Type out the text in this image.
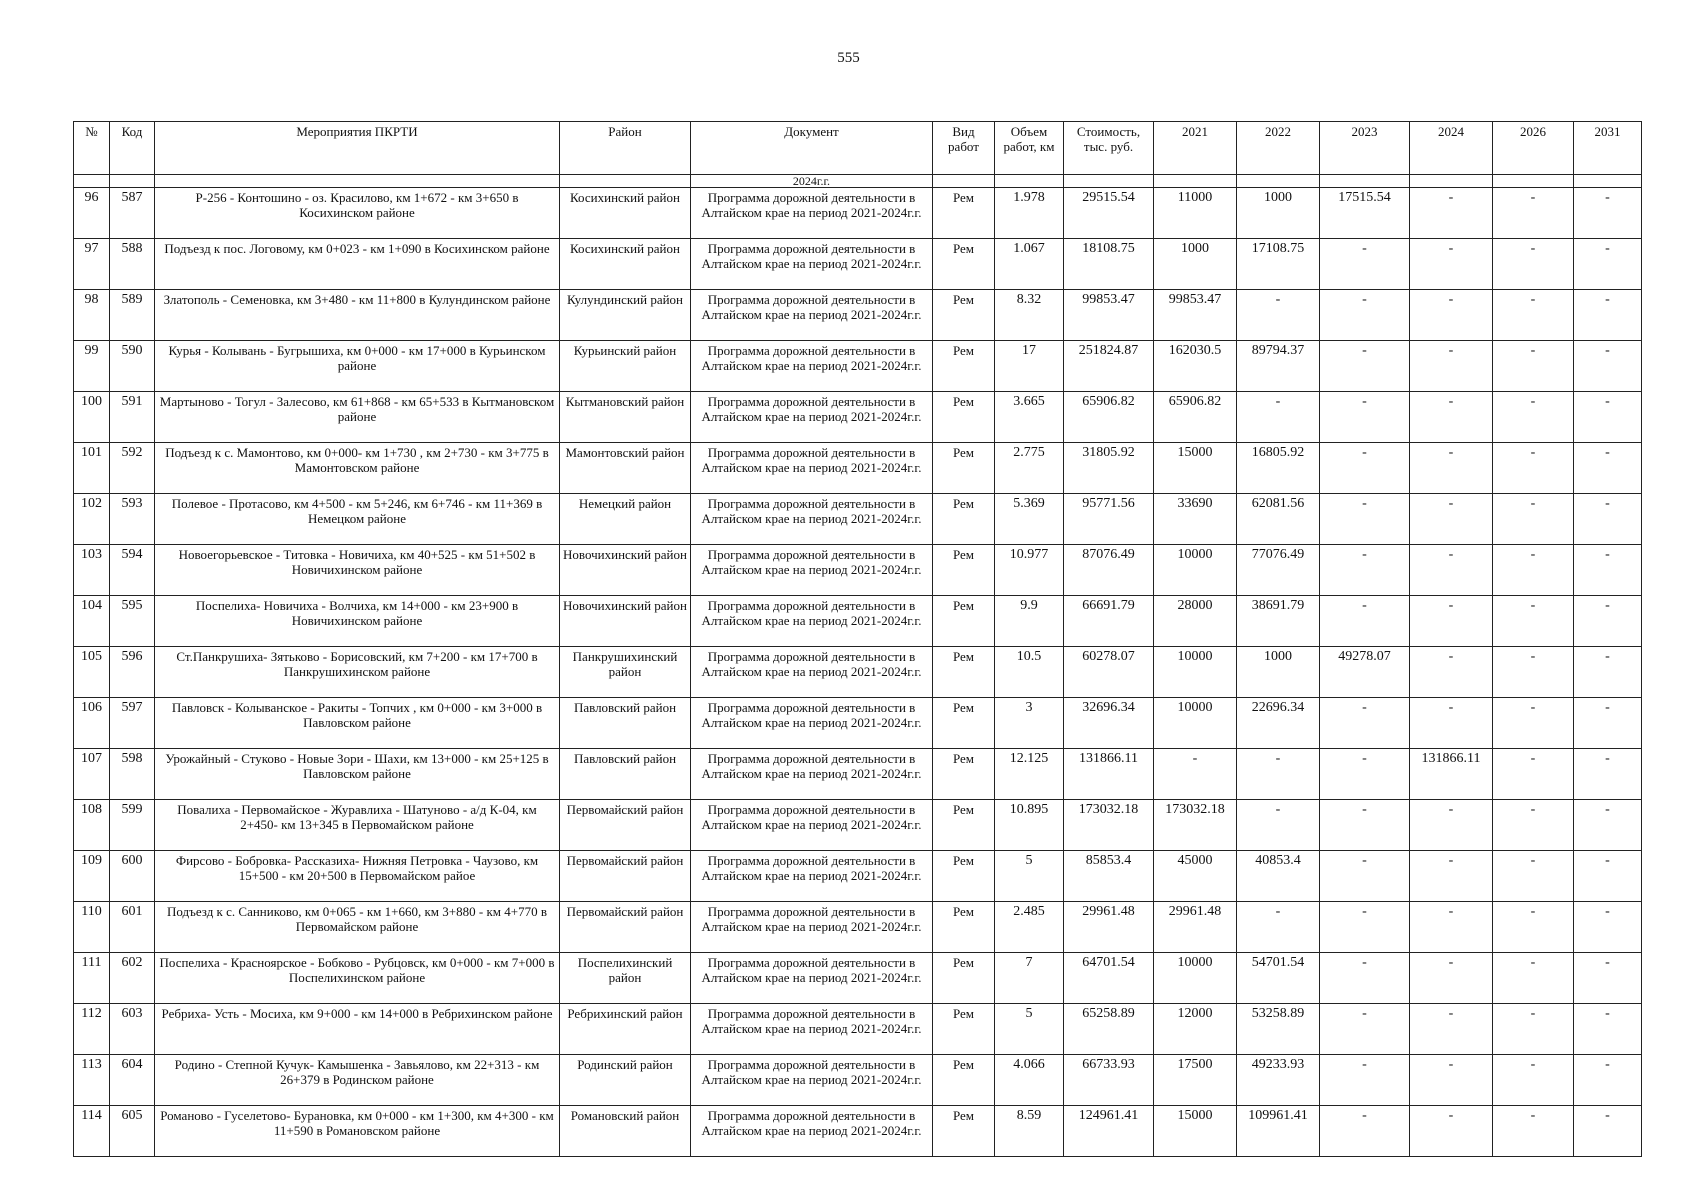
555
№	Код	Мероприятия ПКРТИ	Район	Документ	Вид работ	Объем работ, км	Стоимость, тыс. руб.	2021	2022	2023	2024	2026	2031
				2024г.г.									
96	587	Р-256 - Контошино - оз. Красилово, км 1+672 - км 3+650 в Косихинском районе	Косихинский район	Программа дорожной деятельности в Алтайском крае на период 2021-2024г.г.	Рем	1.978	29515.54	11000	1000	17515.54	-	-	-
97	588	Подъезд к пос. Логовому, км 0+023 - км 1+090 в Косихинском районе	Косихинский район	Программа дорожной деятельности в Алтайском крае на период 2021-2024г.г.	Рем	1.067	18108.75	1000	17108.75	-	-	-	-
98	589	Златополь - Семеновка, км 3+480 - км 11+800 в Кулундинском районе	Кулундинский район	Программа дорожной деятельности в Алтайском крае на период 2021-2024г.г.	Рем	8.32	99853.47	99853.47	-	-	-	-	-
99	590	Курья - Колывань - Бугрышиха, км 0+000 - км 17+000 в Курьинском районе	Курьинский район	Программа дорожной деятельности в Алтайском крае на период 2021-2024г.г.	Рем	17	251824.87	162030.5	89794.37	-	-	-	-
100	591	Мартыново - Тогул - Залесово, км 61+868 - км 65+533 в Кытмановском районе	Кытмановский район	Программа дорожной деятельности в Алтайском крае на период 2021-2024г.г.	Рем	3.665	65906.82	65906.82	-	-	-	-	-
101	592	Подъезд к с. Мамонтово, км 0+000- км 1+730 , км 2+730 - км 3+775 в Мамонтовском районе	Мамонтовский район	Программа дорожной деятельности в Алтайском крае на период 2021-2024г.г.	Рем	2.775	31805.92	15000	16805.92	-	-	-	-
102	593	Полевое - Протасово, км 4+500 - км 5+246, км 6+746 - км 11+369 в Немецком районе	Немецкий район	Программа дорожной деятельности в Алтайском крае на период 2021-2024г.г.	Рем	5.369	95771.56	33690	62081.56	-	-	-	-
103	594	Новоегорьевское - Титовка - Новичиха, км 40+525 - км 51+502 в Новичихинском районе	Новочихинский район	Программа дорожной деятельности в Алтайском крае на период 2021-2024г.г.	Рем	10.977	87076.49	10000	77076.49	-	-	-	-
104	595	Поспелиха- Новичиха - Волчиха, км 14+000 - км 23+900 в Новичихинском районе	Новочихинский район	Программа дорожной деятельности в Алтайском крае на период 2021-2024г.г.	Рем	9.9	66691.79	28000	38691.79	-	-	-	-
105	596	Ст.Панкрушиха- Зятьково - Борисовский, км 7+200 - км 17+700 в Панкрушихинском районе	Панкрушихинский район	Программа дорожной деятельности в Алтайском крае на период 2021-2024г.г.	Рем	10.5	60278.07	10000	1000	49278.07	-	-	-
106	597	Павловск - Колыванское - Ракиты - Топчих , км 0+000 - км 3+000 в Павловском районе	Павловский район	Программа дорожной деятельности в Алтайском крае на период 2021-2024г.г.	Рем	3	32696.34	10000	22696.34	-	-	-	-
107	598	Урожайный - Стуково - Новые Зори - Шахи, км 13+000 - км 25+125 в Павловском районе	Павловский район	Программа дорожной деятельности в Алтайском крае на период 2021-2024г.г.	Рем	12.125	131866.11	-	-	-	131866.11	-	-
108	599	Повалиха - Первомайское - Журавлиха - Шатуново - а/д К-04, км 2+450- км 13+345 в Первомайском районе	Первомайский район	Программа дорожной деятельности в Алтайском крае на период 2021-2024г.г.	Рем	10.895	173032.18	173032.18	-	-	-	-	-
109	600	Фирсово - Бобровка- Рассказиха- Нижняя Петровка - Чаузово, км 15+500 - км 20+500 в Первомайском райое	Первомайский район	Программа дорожной деятельности в Алтайском крае на период 2021-2024г.г.	Рем	5	85853.4	45000	40853.4	-	-	-	-
110	601	Подъезд к с. Санниково, км 0+065 - км 1+660, км 3+880 - км 4+770 в Первомайском районе	Первомайский район	Программа дорожной деятельности в Алтайском крае на период 2021-2024г.г.	Рем	2.485	29961.48	29961.48	-	-	-	-	-
111	602	Поспелиха - Красноярское - Бобково - Рубцовск, км 0+000 - км 7+000 в Поспелихинском районе	Поспелихинский район	Программа дорожной деятельности в Алтайском крае на период 2021-2024г.г.	Рем	7	64701.54	10000	54701.54	-	-	-	-
112	603	Ребриха- Усть - Мосиха, км 9+000 - км 14+000 в Ребрихинском районе	Ребрихинский район	Программа дорожной деятельности в Алтайском крае на период 2021-2024г.г.	Рем	5	65258.89	12000	53258.89	-	-	-	-
113	604	Родино - Степной Кучук- Камышенка - Завьялово, км 22+313 - км 26+379 в Родинском районе	Родинский район	Программа дорожной деятельности в Алтайском крае на период 2021-2024г.г.	Рем	4.066	66733.93	17500	49233.93	-	-	-	-
114	605	Романово - Гуселетово- Бурановка, км 0+000 - км 1+300, км 4+300 - км 11+590 в Романовском районе	Романовский район	Программа дорожной деятельности в Алтайском крае на период 2021-2024г.г.	Рем	8.59	124961.41	15000	109961.41	-	-	-	-
